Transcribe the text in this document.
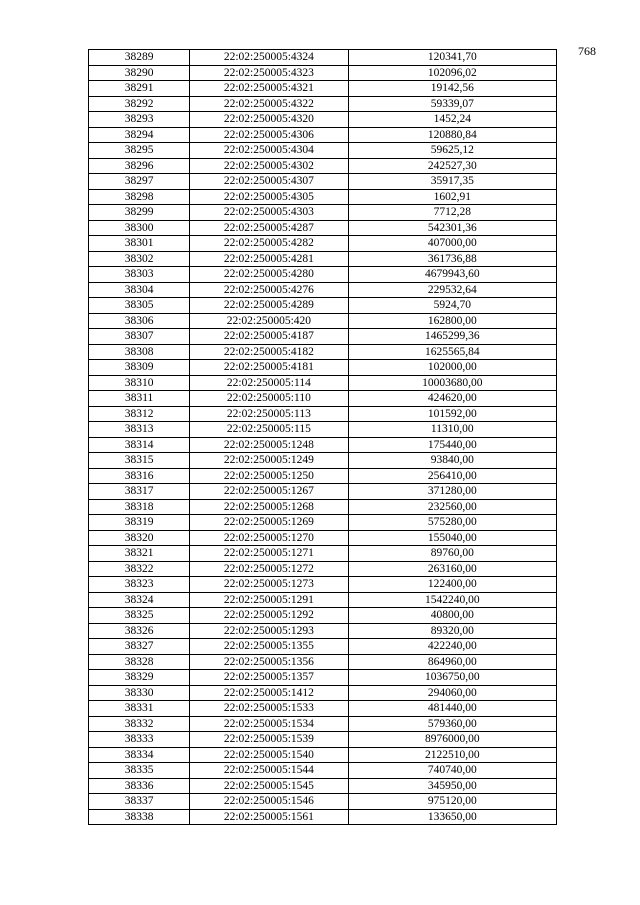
768
38289	22:02:250005:4324	120341,70
38290	22:02:250005:4323	102096,02
38291	22:02:250005:4321	19142,56
38292	22:02:250005:4322	59339,07
38293	22:02:250005:4320	1452,24
38294	22:02:250005:4306	120880,84
38295	22:02:250005:4304	59625,12
38296	22:02:250005:4302	242527,30
38297	22:02:250005:4307	35917,35
38298	22:02:250005:4305	1602,91
38299	22:02:250005:4303	7712,28
38300	22:02:250005:4287	542301,36
38301	22:02:250005:4282	407000,00
38302	22:02:250005:4281	361736,88
38303	22:02:250005:4280	4679943,60
38304	22:02:250005:4276	229532,64
38305	22:02:250005:4289	5924,70
38306	22:02:250005:420	162800,00
38307	22:02:250005:4187	1465299,36
38308	22:02:250005:4182	1625565,84
38309	22:02:250005:4181	102000,00
38310	22:02:250005:114	10003680,00
38311	22:02:250005:110	424620,00
38312	22:02:250005:113	101592,00
38313	22:02:250005:115	11310,00
38314	22:02:250005:1248	175440,00
38315	22:02:250005:1249	93840,00
38316	22:02:250005:1250	256410,00
38317	22:02:250005:1267	371280,00
38318	22:02:250005:1268	232560,00
38319	22:02:250005:1269	575280,00
38320	22:02:250005:1270	155040,00
38321	22:02:250005:1271	89760,00
38322	22:02:250005:1272	263160,00
38323	22:02:250005:1273	122400,00
38324	22:02:250005:1291	1542240,00
38325	22:02:250005:1292	40800,00
38326	22:02:250005:1293	89320,00
38327	22:02:250005:1355	422240,00
38328	22:02:250005:1356	864960,00
38329	22:02:250005:1357	1036750,00
38330	22:02:250005:1412	294060,00
38331	22:02:250005:1533	481440,00
38332	22:02:250005:1534	579360,00
38333	22:02:250005:1539	8976000,00
38334	22:02:250005:1540	2122510,00
38335	22:02:250005:1544	740740,00
38336	22:02:250005:1545	345950,00
38337	22:02:250005:1546	975120,00
38338	22:02:250005:1561	133650,00
